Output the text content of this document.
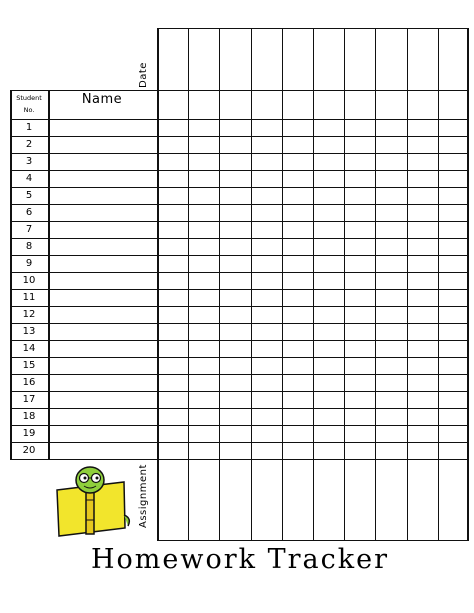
Student
No.
Name
Date
Assignment
1
2
3
4
5
6
7
8
9
10
11
12
13
14
15
16
17
18
19
20
Homework Tracker
